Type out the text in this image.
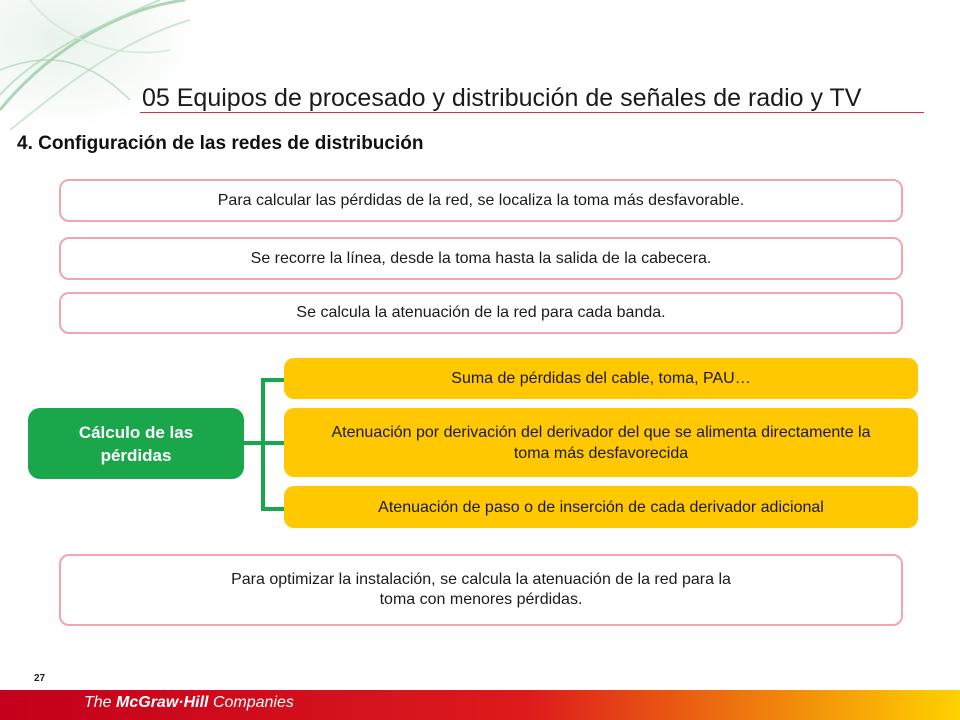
05 Equipos de procesado y distribución de señales de radio y TV
4. Configuración de las redes de distribución
Para calcular las pérdidas de la red, se localiza la toma más desfavorable.
Se recorre la línea, desde la toma hasta la salida de la cabecera.
Se calcula la atenuación de la red para cada banda.
Cálculo de las pérdidas
Suma de pérdidas del cable, toma, PAU…
Atenuación por derivación del derivador del que se alimenta directamente la toma más desfavorecida
Atenuación de paso o de inserción de cada derivador adicional
Para optimizar la instalación, se calcula la atenuación de la red para la toma con menores pérdidas.
27
The McGraw·Hill Companies
